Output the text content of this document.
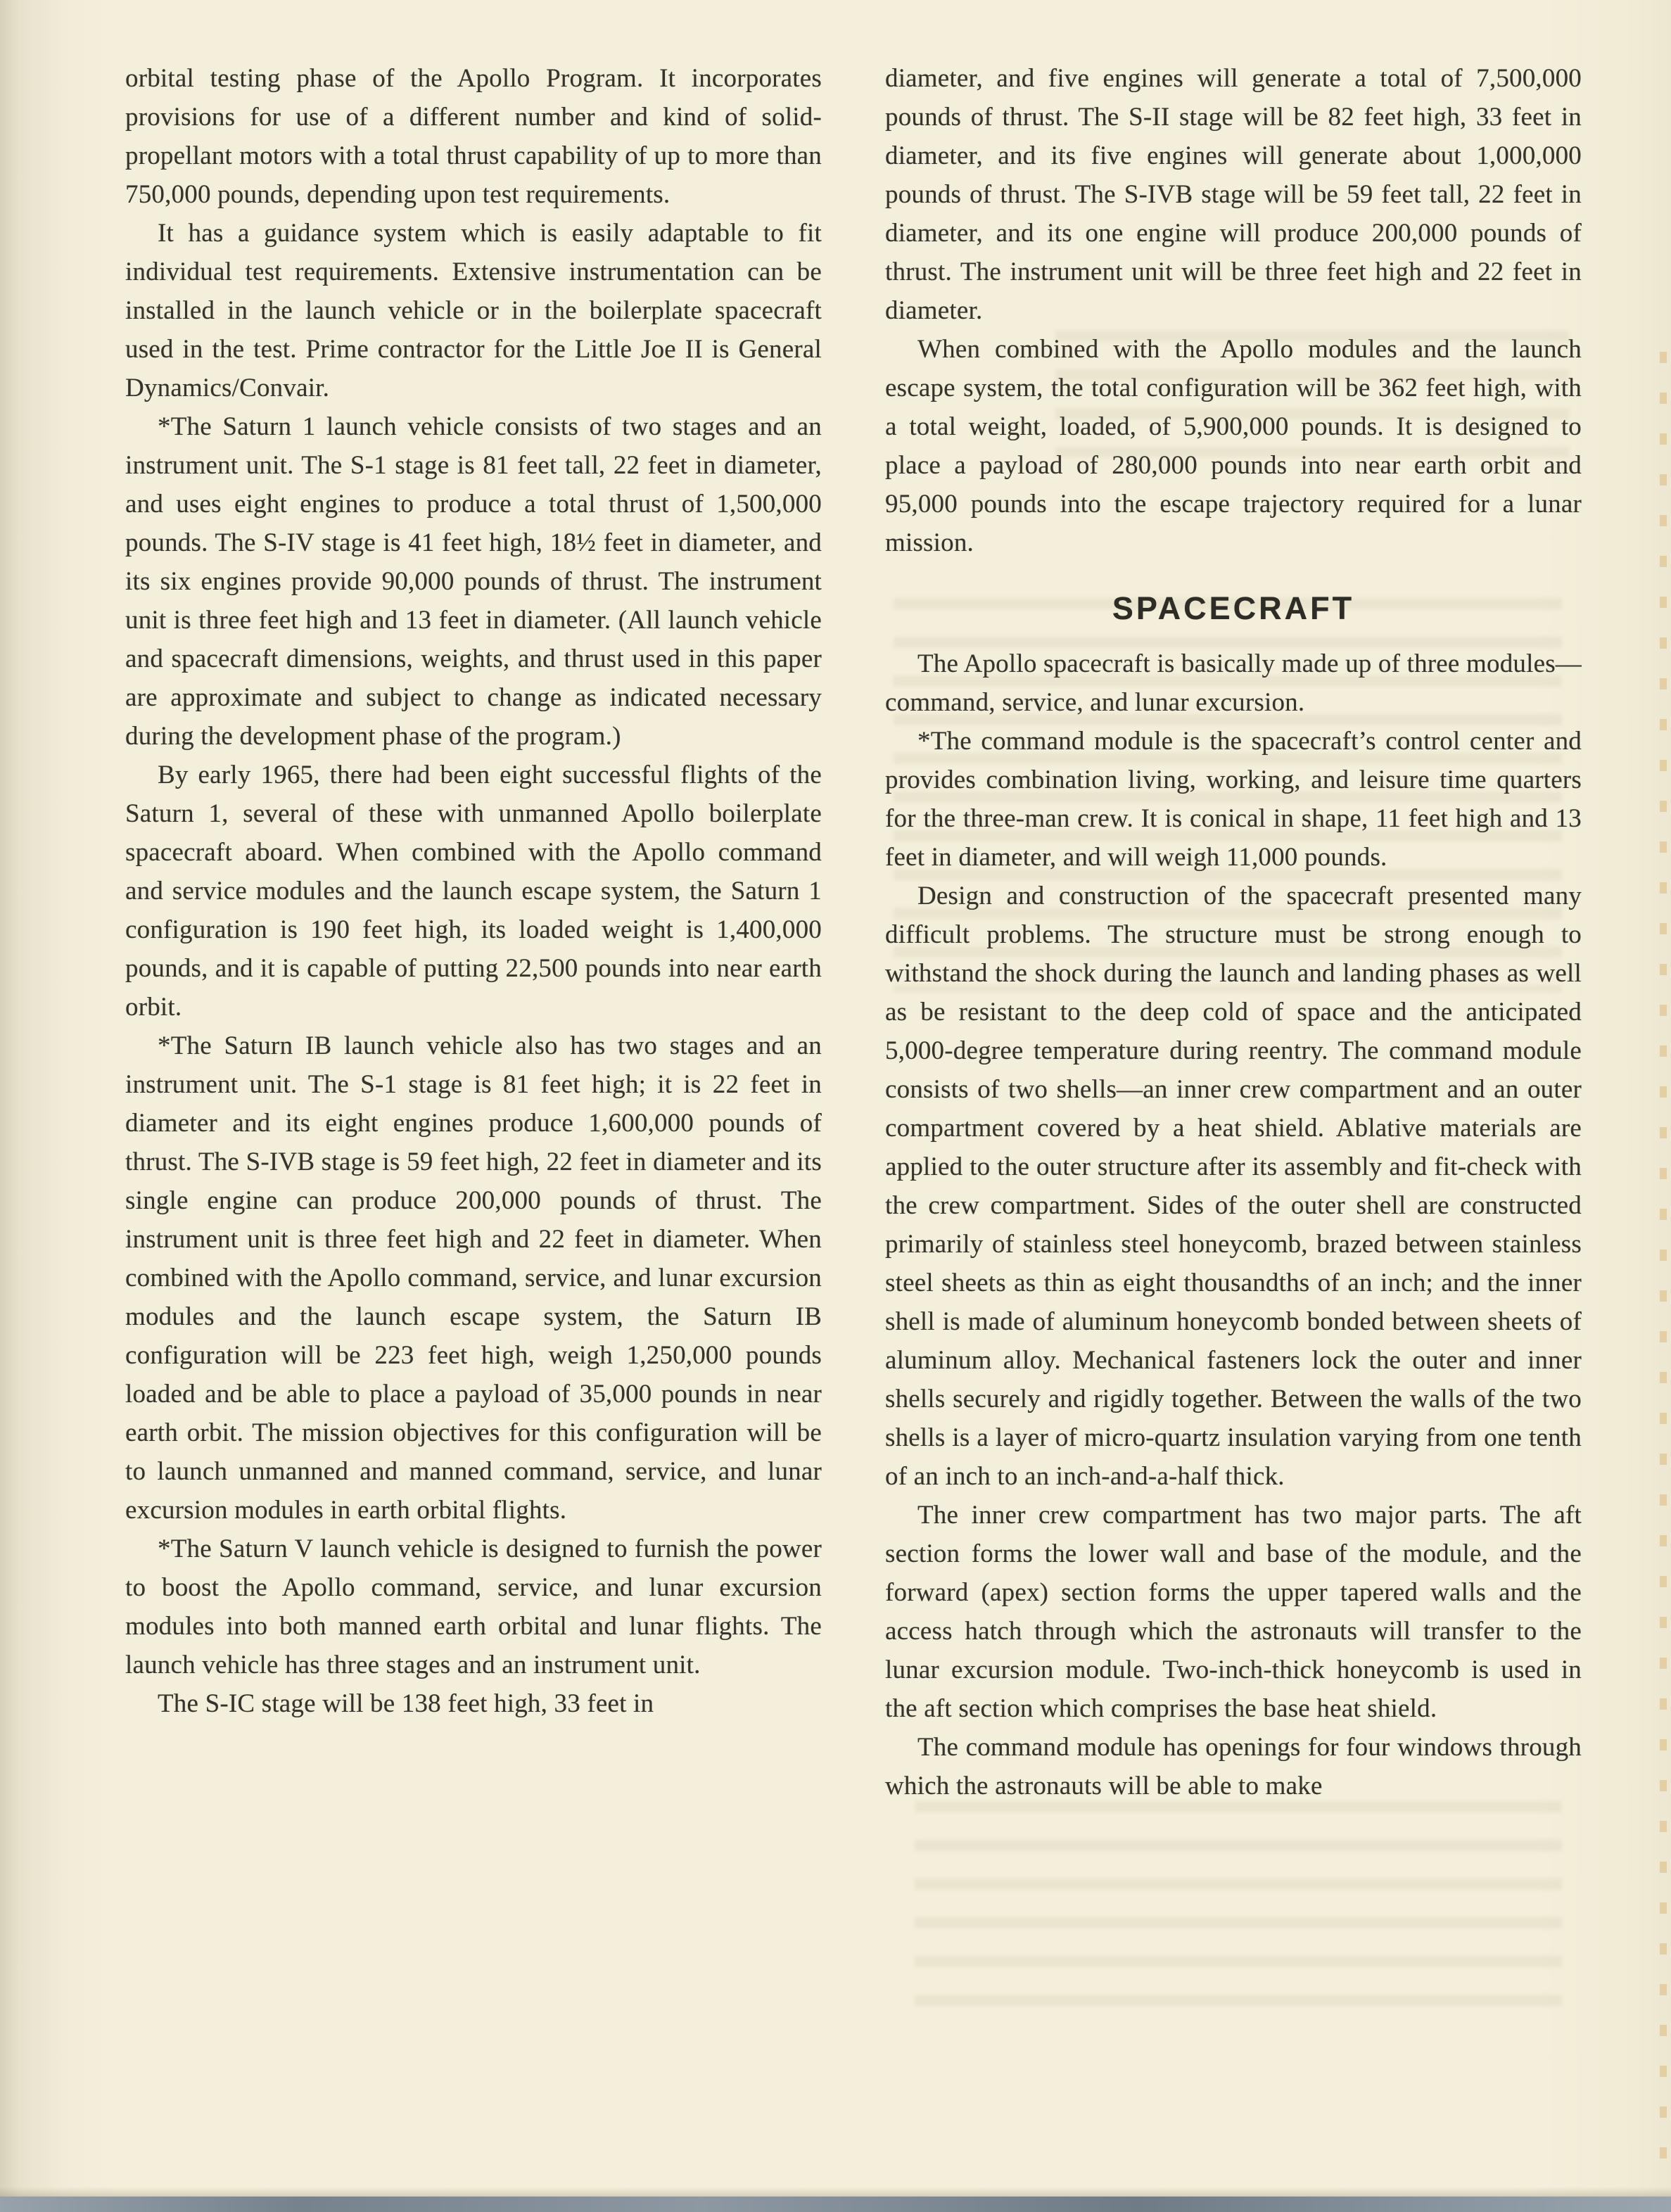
orbital testing phase of the Apollo Program. It incorporates provisions for use of a different number and kind of solid-propellant motors with a total thrust capability of up to more than 750,000 pounds, depending upon test requirements.

It has a guidance system which is easily adaptable to fit individual test requirements. Extensive instrumentation can be installed in the launch vehicle or in the boilerplate spacecraft used in the test. Prime contractor for the Little Joe II is General Dynamics/Convair.

*The Saturn 1 launch vehicle consists of two stages and an instrument unit. The S-1 stage is 81 feet tall, 22 feet in diameter, and uses eight engines to produce a total thrust of 1,500,000 pounds. The S-IV stage is 41 feet high, 18½ feet in diameter, and its six engines provide 90,000 pounds of thrust. The instrument unit is three feet high and 13 feet in diameter. (All launch vehicle and spacecraft dimensions, weights, and thrust used in this paper are approximate and subject to change as indicated necessary during the development phase of the program.)

By early 1965, there had been eight successful flights of the Saturn 1, several of these with unmanned Apollo boilerplate spacecraft aboard. When combined with the Apollo command and service modules and the launch escape system, the Saturn 1 configuration is 190 feet high, its loaded weight is 1,400,000 pounds, and it is capable of putting 22,500 pounds into near earth orbit.

*The Saturn IB launch vehicle also has two stages and an instrument unit. The S-1 stage is 81 feet high; it is 22 feet in diameter and its eight engines produce 1,600,000 pounds of thrust. The S-IVB stage is 59 feet high, 22 feet in diameter and its single engine can produce 200,000 pounds of thrust. The instrument unit is three feet high and 22 feet in diameter. When combined with the Apollo command, service, and lunar excursion modules and the launch escape system, the Saturn IB configuration will be 223 feet high, weigh 1,250,000 pounds loaded and be able to place a payload of 35,000 pounds in near earth orbit. The mission objectives for this configuration will be to launch unmanned and manned command, service, and lunar excursion modules in earth orbital flights.

*The Saturn V launch vehicle is designed to furnish the power to boost the Apollo command, service, and lunar excursion modules into both manned earth orbital and lunar flights. The launch vehicle has three stages and an instrument unit.

The S-IC stage will be 138 feet high, 33 feet in

diameter, and five engines will generate a total of 7,500,000 pounds of thrust. The S-II stage will be 82 feet high, 33 feet in diameter, and its five engines will generate about 1,000,000 pounds of thrust. The S-IVB stage will be 59 feet tall, 22 feet in diameter, and its one engine will produce 200,000 pounds of thrust. The instrument unit will be three feet high and 22 feet in diameter.

When combined with the Apollo modules and the launch escape system, the total configuration will be 362 feet high, with a total weight, loaded, of 5,900,000 pounds. It is designed to place a payload of 280,000 pounds into near earth orbit and 95,000 pounds into the escape trajectory required for a lunar mission.

SPACECRAFT

The Apollo spacecraft is basically made up of three modules—command, service, and lunar excursion.

*The command module is the spacecraft’s control center and provides combination living, working, and leisure time quarters for the three-man crew. It is conical in shape, 11 feet high and 13 feet in diameter, and will weigh 11,000 pounds.

Design and construction of the spacecraft presented many difficult problems. The structure must be strong enough to withstand the shock during the launch and landing phases as well as be resistant to the deep cold of space and the anticipated 5,000-degree temperature during reentry. The command module consists of two shells—an inner crew compartment and an outer compartment covered by a heat shield. Ablative materials are applied to the outer structure after its assembly and fit-check with the crew compartment. Sides of the outer shell are constructed primarily of stainless steel honeycomb, brazed between stainless steel sheets as thin as eight thousandths of an inch; and the inner shell is made of aluminum honeycomb bonded between sheets of aluminum alloy. Mechanical fasteners lock the outer and inner shells securely and rigidly together. Between the walls of the two shells is a layer of micro-quartz insulation varying from one tenth of an inch to an inch-and-a-half thick.

The inner crew compartment has two major parts. The aft section forms the lower wall and base of the module, and the forward (apex) section forms the upper tapered walls and the access hatch through which the astronauts will transfer to the lunar excursion module. Two-inch-thick honeycomb is used in the aft section which comprises the base heat shield.

The command module has openings for four windows through which the astronauts will be able to make
